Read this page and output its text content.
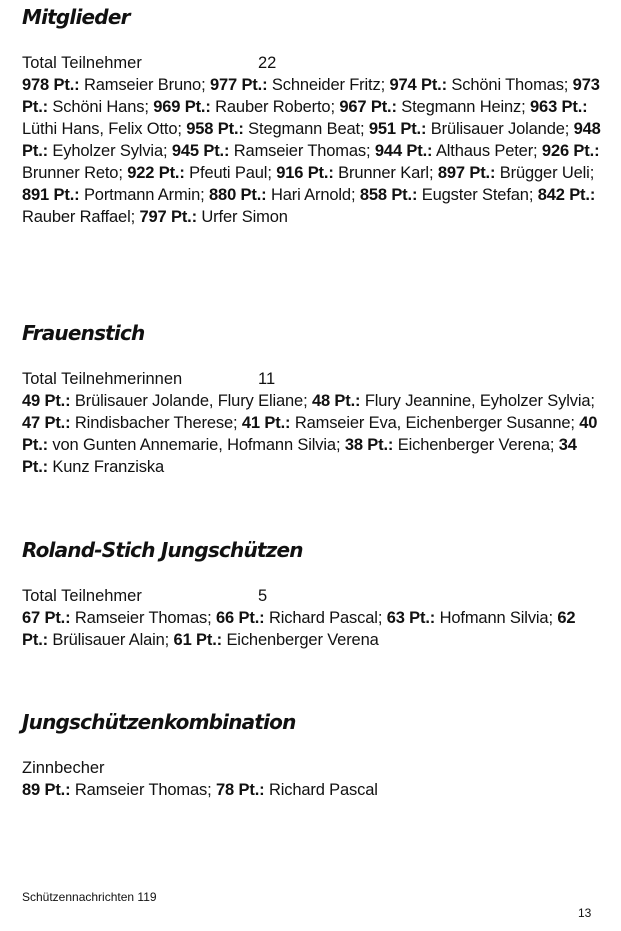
Mitglieder
Total Teilnehmer	22

978 Pt.: Ramseier Bruno; 977 Pt.: Schneider Fritz; 974 Pt.: Schöni Thomas; 973 Pt.: Schöni Hans; 969 Pt.: Rauber Roberto; 967 Pt.: Stegmann Heinz; 963 Pt.: Lüthi Hans, Felix Otto; 958 Pt.: Stegmann Beat; 951 Pt.: Brülisauer Jolande; 948 Pt.: Eyholzer Sylvia; 945 Pt.: Ramseier Thomas; 944 Pt.: Althaus Peter; 926 Pt.: Brunner Reto; 922 Pt.: Pfeuti Paul; 916 Pt.: Brunner Karl; 897 Pt.: Brügger Ueli; 891 Pt.: Portmann Armin; 880 Pt.: Hari Arnold; 858 Pt.: Eugster Stefan; 842 Pt.: Rauber Raffael; 797 Pt.: Urfer Simon

Frauenstich
Total Teilnehmerinnen	11

49 Pt.: Brülisauer Jolande, Flury Eliane; 48 Pt.: Flury Jeannine, Eyholzer Sylvia; 47 Pt.: Rindisbacher Therese; 41 Pt.: Ramseier Eva, Eichenberger Susanne; 40 Pt.: von Gunten Annemarie, Hofmann Silvia; 38 Pt.: Eichenberger Verena; 34 Pt.: Kunz Franziska

Roland-Stich Jungschützen
Total Teilnehmer	5

67 Pt.: Ramseier Thomas; 66 Pt.: Richard Pascal; 63 Pt.: Hofmann Silvia; 62 Pt.: Brülisauer Alain; 61 Pt.: Eichenberger Verena

Jungschützenkombination
Zinnbecher

89 Pt.: Ramseier Thomas; 78 Pt.: Richard Pascal

Schützennachrichten 119
13
